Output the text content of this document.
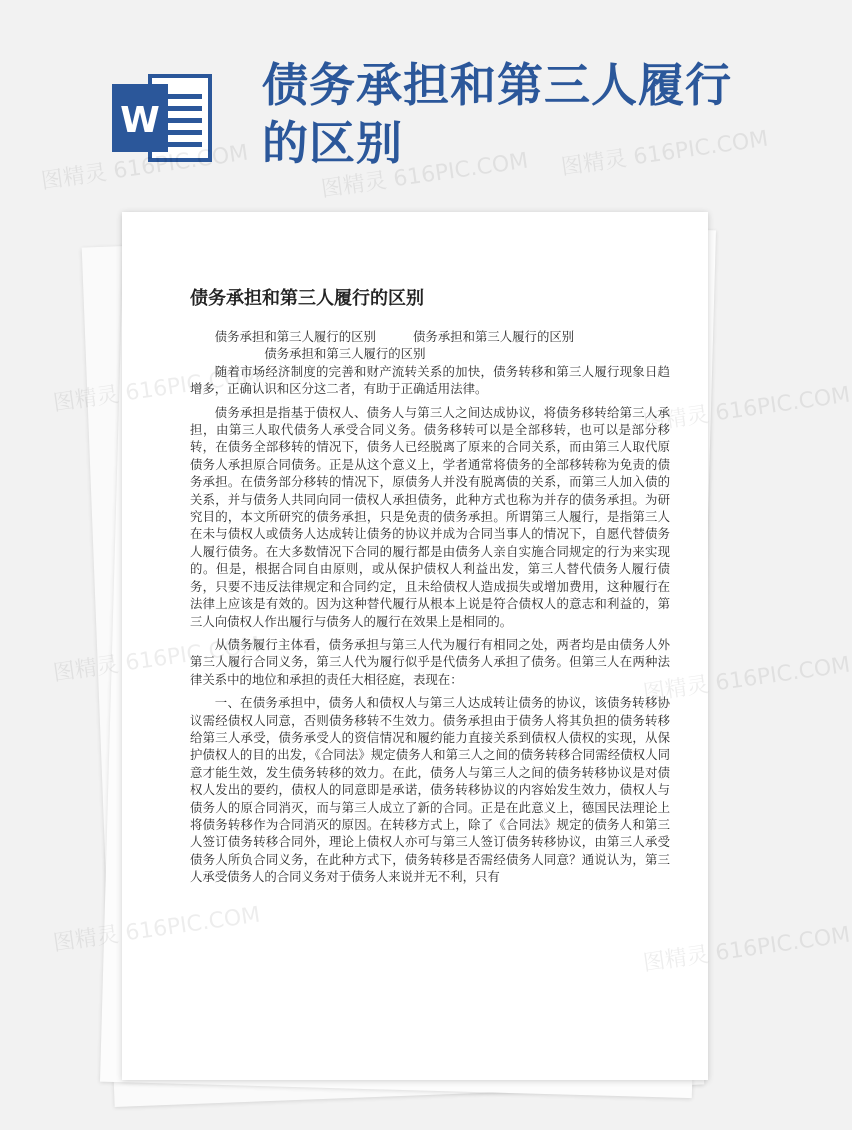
W
债务承担和第三人履行的区别
图精灵 616PIC.COM	图精灵 616PIC.COM
图精灵 616PIC.COM
债务承担和第三人履行的区别
债务承担和第三人履行的区别　　　债务承担和第三人履行的区别
债务承担和第三人履行的区别

随着市场经济制度的完善和财产流转关系的加快，债务转移和第三人履行现象日趋增多，正确认识和区分这二者，有助于正确适用法律。

债务承担是指基于债权人、债务人与第三人之间达成协议，将债务移转给第三人承担，由第三人取代债务人承受合同义务。债务移转可以是全部移转，也可以是部分移转，在债务全部移转的情况下，债务人已经脱离了原来的合同关系，而由第三人取代原债务人承担原合同债务。正是从这个意义上，学者通常将债务的全部移转称为免责的债务承担。在债务部分移转的情况下，原债务人并没有脱离债的关系，而第三人加入债的关系，并与债务人共同向同一债权人承担债务，此种方式也称为并存的债务承担。为研究目的，本文所研究的债务承担，只是免责的债务承担。所谓第三人履行，是指第三人在未与债权人或债务人达成转让债务的协议并成为合同当事人的情况下，自愿代替债务人履行债务。在大多数情况下合同的履行都是由债务人亲自实施合同规定的行为来实现的。但是，根据合同自由原则，或从保护债权人利益出发，第三人替代债务人履行债务，只要不违反法律规定和合同约定，且未给债权人造成损失或增加费用，这种履行在法律上应该是有效的。因为这种替代履行从根本上说是符合债权人的意志和利益的，第三人向债权人作出履行与债务人的履行在效果上是相同的。

从债务履行主体看，债务承担与第三人代为履行有相同之处，两者均是由债务人外第三人履行合同义务，第三人代为履行似乎是代债务人承担了债务。但第三人在两种法律关系中的地位和承担的责任大相径庭，表现在：

一、在债务承担中，债务人和债权人与第三人达成转让债务的协议，该债务转移协议需经债权人同意，否则债务移转不生效力。债务承担由于债务人将其负担的债务转移给第三人承受，债务承受人的资信情况和履约能力直接关系到债权人债权的实现，从保护债权人的目的出发，《合同法》规定债务人和第三人之间的债务转移合同需经债权人同意才能生效，发生债务转移的效力。在此，债务人与第三人之间的债务转移协议是对债权人发出的要约，债权人的同意即是承诺，债务转移协议的内容始发生效力，债权人与债务人的原合同消灭，而与第三人成立了新的合同。正是在此意义上，德国民法理论上将债务转移作为合同消灭的原因。在转移方式上，除了《合同法》规定的债务人和第三人签订债务转移合同外，理论上债权人亦可与第三人签订债务转移协议，由第三人承受债务人所负合同义务，在此种方式下，债务转移是否需经债务人同意？通说认为，第三人承受债务人的合同义务对于债务人来说并无不利，只有

图精灵 616PIC.COM	图精灵 616PIC.COM
图精灵 616PIC.COM	图精灵 616PIC.COM
图精灵 616PIC.COM	图精灵 616PIC.COM
